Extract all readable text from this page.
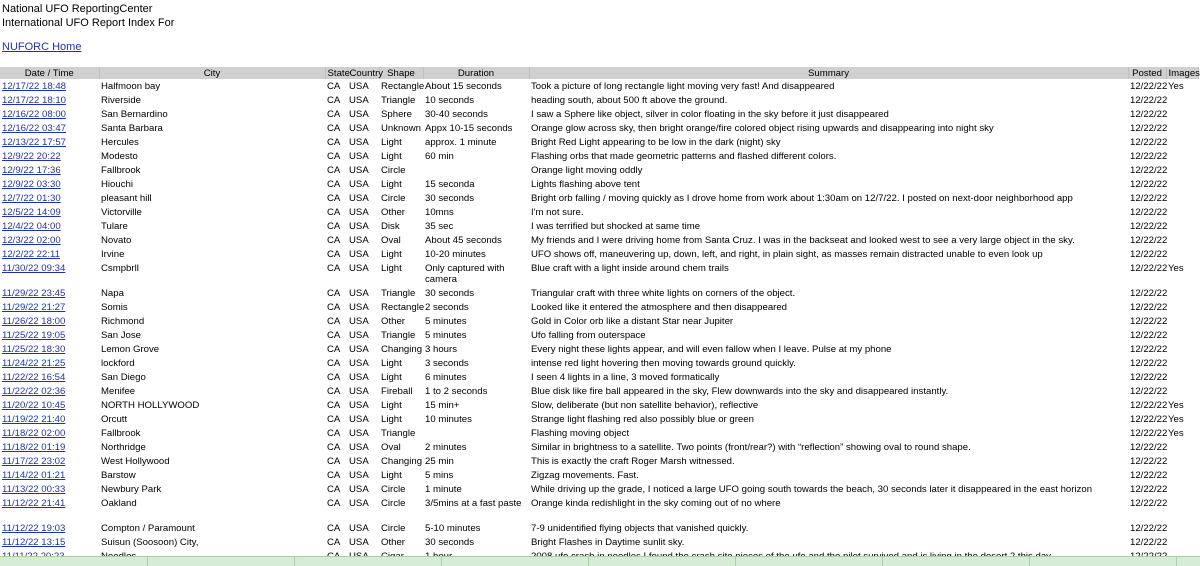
National UFO ReportingCenter
International UFO Report Index For
NUFORC Home
Date / Time	City	State	Country	Shape	Duration	Summary	Posted	Images
12/17/22 18:48	Halfmoon bay	CA	USA	Rectangle	About 15 seconds	Took a picture of long rectangle light moving very fast! And disappeared	12/22/22	Yes
12/17/22 18:10	Riverside	CA	USA	Triangle	10 seconds	heading south, about 500 ft above the ground.	12/22/22	
12/16/22 08:00	San Bernardino	CA	USA	Sphere	30-40 seconds	I saw a Sphere like object, silver in color floating in the sky before it just disappeared	12/22/22	
12/16/22 03:47	Santa Barbara	CA	USA	Unknown	Appx 10-15 seconds	Orange glow across sky, then bright orange/fire colored object rising upwards and disappearing into night sky	12/22/22	
12/13/22 17:57	Hercules	CA	USA	Light	approx. 1 minute	Bright Red Light appearing to be low in the dark (night) sky	12/22/22	
12/9/22 20:22	Modesto	CA	USA	Light	60 min	Flashing orbs that made geometric patterns and flashed different colors.	12/22/22	
12/9/22 17:36	Fallbrook	CA	USA	Circle		Orange light moving oddly	12/22/22	
12/9/22 03:30	Hiouchi	CA	USA	Light	15 seconda	Lights flashing above tent	12/22/22	
12/7/22 01:30	pleasant hill	CA	USA	Circle	30 seconds	Bright orb falling / moving quickly as I drove home from work about 1:30am on 12/7/22. I posted on next-door neighborhood app	12/22/22	
12/5/22 14:09	Victorville	CA	USA	Other	10mns	I'm not sure.	12/22/22	
12/4/22 04:00	Tulare	CA	USA	Disk	35 sec	I was terrified but shocked at same time	12/22/22	
12/3/22 02:00	Novato	CA	USA	Oval	About 45 seconds	My friends and I were driving home from Santa Cruz. I was in the backseat and looked west to see a very large object in the sky.	12/22/22	
12/2/22 22:11	Irvine	CA	USA	Light	10-20 minutes	UFO shows off, maneuvering up, down, left, and right, in plain sight, as masses remain distracted unable to even look up	12/22/22	
11/30/22 09:34	Csmpbrll	CA	USA	Light	Only captured with camera	Blue craft with a light inside around chem trails	12/22/22	Yes
11/29/22 23:45	Napa	CA	USA	Triangle	30 seconds	Triangular craft with three white lights on corners of the object.	12/22/22	
11/29/22 21:27	Somis	CA	USA	Rectangle	2 seconds	Looked like it entered the atmosphere and then disappeared	12/22/22	
11/26/22 18:00	Richmond	CA	USA	Other	5 minutes	Gold in Color orb like a distant Star near Jupiter	12/22/22	
11/25/22 19:05	San Jose	CA	USA	Triangle	5 minutes	Ufo falling from outerspace	12/22/22	
11/25/22 18:30	Lemon Grove	CA	USA	Changing	3 hours	Every night these lights appear, and will even fallow when I leave. Pulse at my phone	12/22/22	
11/24/22 21:25	lockford	CA	USA	Light	3 seconds	intense red light hovering then moving towards ground quickly.	12/22/22	
11/22/22 16:54	San Diego	CA	USA	Light	6 minutes	I seen 4 lights in a line, 3 moved formatically	12/22/22	
11/22/22 02:36	Menifee	CA	USA	Fireball	1 to 2 seconds	Blue disk like fire ball appeared in the sky, Flew downwards into the sky and disappeared instantly.	12/22/22	
11/20/22 10:45	NORTH HOLLYWOOD	CA	USA	Light	15 min+	Slow, deliberate (but non satellite behavior), reflective	12/22/22	Yes
11/19/22 21:40	Orcutt	CA	USA	Light	10 minutes	Strange light flashing red also possibly blue or green	12/22/22	Yes
11/18/22 02:00	Fallbrook	CA	USA	Triangle		Flashing moving object	12/22/22	Yes
11/18/22 01:19	Northridge	CA	USA	Oval	2 minutes	Similar in brightness to a satellite. Two points (front/rear?) with “reflection” showing oval to round shape.	12/22/22	
11/17/22 23:02	West Hollywood	CA	USA	Changing	25 min	This is exactly the craft Roger Marsh witnessed.	12/22/22	
11/14/22 01:21	Barstow	CA	USA	Light	5 mins	Zigzag movements. Fast.	12/22/22	
11/13/22 00:33	Newbury Park	CA	USA	Circle	1 minute	While driving up the grade, I noticed a large UFO going south towards the beach, 30 seconds later it disappeared in the east horizon	12/22/22	
11/12/22 21:41	Oakland	CA	USA	Circle	3/5mins at a fast paste	Orange kinda redishlight in the sky coming out of no where	12/22/22	
11/12/22 19:03	Compton / Paramount	CA	USA	Circle	5-10 minutes	7-9 unidentified flying objects that vanished quickly.	12/22/22	
11/12/22 13:15	Suisun (Soosoon) City,	CA	USA	Other	30 seconds	Bright Flashes in Daytime sunlit sky.	12/22/22	
